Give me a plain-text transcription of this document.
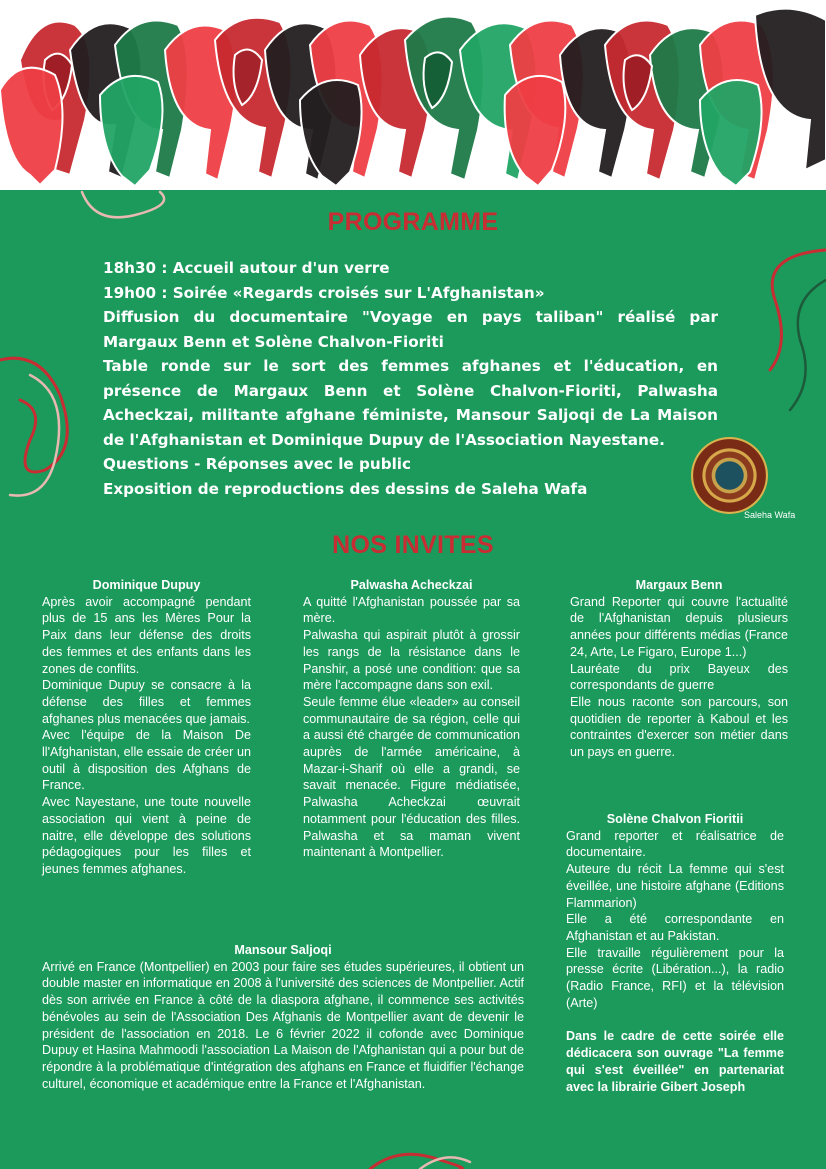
PROGRAMME

18h30 : Accueil autour d'un verre

19h00 : Soirée «Regards croisés sur L'Afghanistan»

Diffusion du documentaire "Voyage en pays taliban" réalisé par Margaux Benn et Solène Chalvon-Fioriti

Table ronde sur le sort des femmes afghanes et l'éducation, en présence de Margaux Benn et Solène Chalvon-Fioriti, Palwasha Acheckzai, militante afghane féministe, Mansour Saljoqi de La Maison de l'Afghanistan et Dominique Dupuy de l'Association Nayestane.

Questions - Réponses avec le public

Exposition de reproductions des dessins de Saleha Wafa

Saleha Wafa
NOS INVITES
Dominique Dupuy

Après avoir accompagné pendant plus de 15 ans les Mères Pour la Paix dans leur défense des droits des femmes et des enfants dans les zones de conflits.

Dominique Dupuy se consacre à la défense des filles et femmes afghanes plus menacées que jamais.

Avec l'équipe de la Maison De ll'Afghanistan, elle essaie de créer un outil à disposition des Afghans de France.

Avec Nayestane, une toute nouvelle association qui vient à peine de naitre, elle développe des solutions pédagogiques pour les filles et jeunes femmes afghanes.

Palwasha Acheckzai

A quitté l'Afghanistan poussée par sa mère.

Palwasha qui aspirait plutôt à grossir les rangs de la résistance dans le Panshir, a posé une condition: que sa mère l'accompagne dans son exil.

Seule femme élue «leader» au conseil communautaire de sa région, celle qui a aussi été chargée de communication auprès de l'armée américaine, à Mazar-i-Sharif où elle a grandi, se savait menacée. Figure médiatisée, Palwasha Acheckzai œuvrait notamment pour l'éducation des filles. Palwasha et sa maman vivent maintenant à Montpellier.

Margaux Benn

Grand Reporter qui couvre l'actualité de l'Afghanistan depuis plusieurs années pour différents médias (France 24, Arte, Le Figaro, Europe 1...)

Lauréate du prix Bayeux des correspondants de guerre

Elle nous raconte son parcours, son quotidien de reporter à Kaboul et les contraintes d'exercer son métier dans un pays en guerre.

Solène Chalvon Fioritii

Grand reporter et réalisatrice de documentaire.

Auteure du récit La femme qui s'est éveillée, une histoire afghane (Editions Flammarion)

Elle a été correspondante en Afghanistan et au Pakistan.

Elle travaille régulièrement pour la presse écrite (Libération...), la radio (Radio France, RFI) et la télévision (Arte)

Dans le cadre de cette soirée elle dédicacera son ouvrage "La femme qui s'est éveillée" en partenariat avec la librairie Gibert Joseph

Mansour Saljoqi

Arrivé en France (Montpellier) en 2003 pour faire ses études supérieures, il obtient un double master en informatique en 2008 à l'université des sciences de Montpellier. Actif dès son arrivée en France à côté de la diaspora afghane, il commence ses activités bénévoles au sein de l'Association Des Afghanis de Montpellier avant de devenir le président de l'association en 2018. Le 6 février 2022 il cofonde avec Dominique Dupuy et Hasina Mahmoodi l'association La Maison de l'Afghanistan qui a pour but de répondre à la problématique d'intégration des afghans en France et fluidifier l'échange culturel, économique et académique entre la France et l'Afghanistan.
